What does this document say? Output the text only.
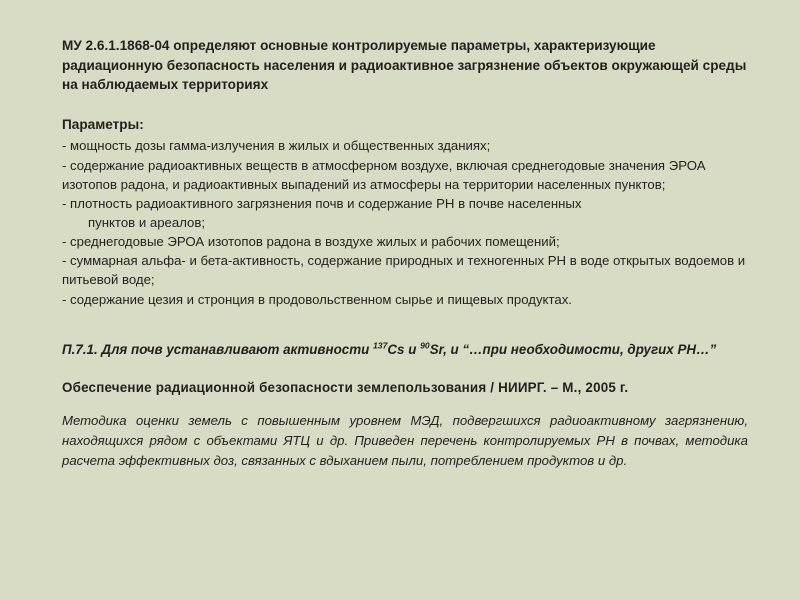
МУ 2.6.1.1868-04 определяют основные контролируемые параметры, характеризующие радиационную безопасность населения и радиоактивное загрязнение объектов окружающей среды на наблюдаемых территориях

Параметры:

- мощность дозы гамма-излучения в жилых и общественных зданиях;
- содержание радиоактивных веществ в атмосферном воздухе, включая среднегодовые значения ЭРОА изотопов радона, и радиоактивных выпадений из атмосферы на территории населенных пунктов;
- плотность радиоактивного загрязнения почв и содержание РН в почве населенных
пунктов и ареалов;
- среднегодовые ЭРОА изотопов радона в воздухе жилых и рабочих помещений;
- суммарная альфа- и бета-активность, содержание природных и техногенных РН в воде открытых водоемов и питьевой воде;
- содержание цезия и стронция в продовольственном сырье и пищевых продуктах.

П.7.1. Для почв устанавливают активности $^{137}$Cs и $^{90}$Sr, и “…при необходимости, других РН…”

Обеспечение радиационной безопасности землепользования / НИИРГ. – М., 2005 г.

Методика оценки земель с повышенным уровнем МЭД, подвергшихся радиоактивному загрязнению, находящихся рядом с объектами ЯТЦ и др. Приведен перечень контролируемых РН в почвах, методика расчета эффективных доз, связанных с вдыханием пыли, потреблением продуктов и др.
